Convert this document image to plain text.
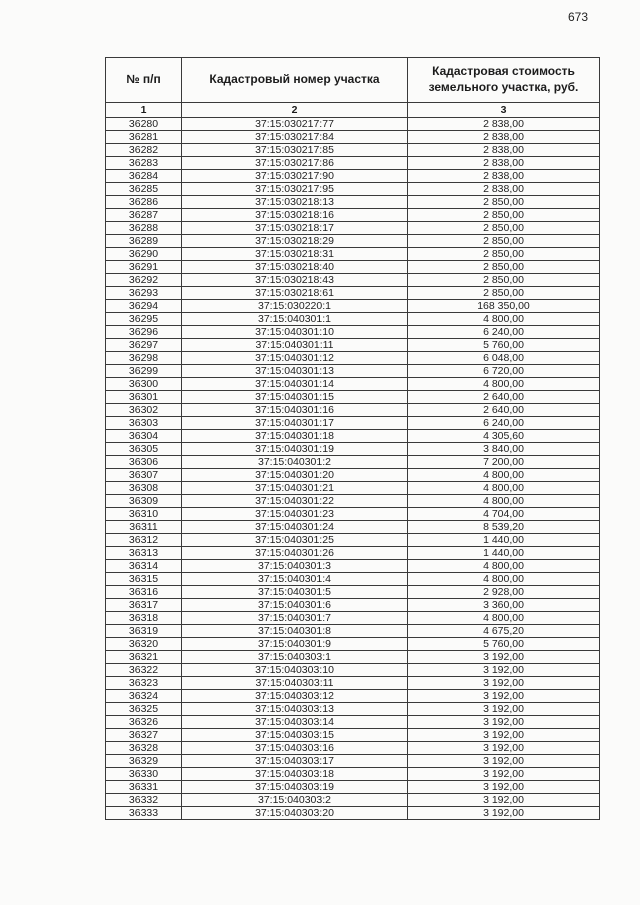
673
№ п/п	Кадастровый номер участка	Кадастровая стоимость земельного участка, руб.
1	2	3
36280	37:15:030217:77	2 838,00
36281	37:15:030217:84	2 838,00
36282	37:15:030217:85	2 838,00
36283	37:15:030217:86	2 838,00
36284	37:15:030217:90	2 838,00
36285	37:15:030217:95	2 838,00
36286	37:15:030218:13	2 850,00
36287	37:15:030218:16	2 850,00
36288	37:15:030218:17	2 850,00
36289	37:15:030218:29	2 850,00
36290	37:15:030218:31	2 850,00
36291	37:15:030218:40	2 850,00
36292	37:15:030218:43	2 850,00
36293	37:15:030218:61	2 850,00
36294	37:15:030220:1	168 350,00
36295	37:15:040301:1	4 800,00
36296	37:15:040301:10	6 240,00
36297	37:15:040301:11	5 760,00
36298	37:15:040301:12	6 048,00
36299	37:15:040301:13	6 720,00
36300	37:15:040301:14	4 800,00
36301	37:15:040301:15	2 640,00
36302	37:15:040301:16	2 640,00
36303	37:15:040301:17	6 240,00
36304	37:15:040301:18	4 305,60
36305	37:15:040301:19	3 840,00
36306	37:15:040301:2	7 200,00
36307	37:15:040301:20	4 800,00
36308	37:15:040301:21	4 800,00
36309	37:15:040301:22	4 800,00
36310	37:15:040301:23	4 704,00
36311	37:15:040301:24	8 539,20
36312	37:15:040301:25	1 440,00
36313	37:15:040301:26	1 440,00
36314	37:15:040301:3	4 800,00
36315	37:15:040301:4	4 800,00
36316	37:15:040301:5	2 928,00
36317	37:15:040301:6	3 360,00
36318	37:15:040301:7	4 800,00
36319	37:15:040301:8	4 675,20
36320	37:15:040301:9	5 760,00
36321	37:15:040303:1	3 192,00
36322	37:15:040303:10	3 192,00
36323	37:15:040303:11	3 192,00
36324	37:15:040303:12	3 192,00
36325	37:15:040303:13	3 192,00
36326	37:15:040303:14	3 192,00
36327	37:15:040303:15	3 192,00
36328	37:15:040303:16	3 192,00
36329	37:15:040303:17	3 192,00
36330	37:15:040303:18	3 192,00
36331	37:15:040303:19	3 192,00
36332	37:15:040303:2	3 192,00
36333	37:15:040303:20	3 192,00
